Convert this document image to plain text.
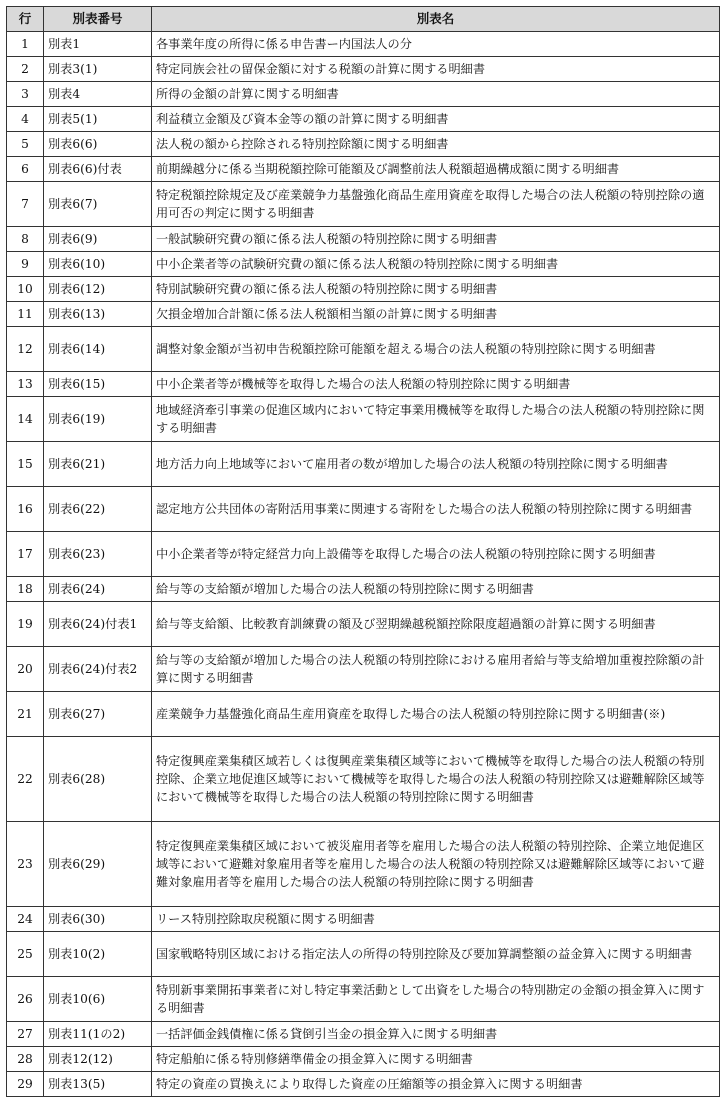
行	別表番号	別表名
1	別表1	各事業年度の所得に係る申告書ー内国法人の分
2	別表3(1)	特定同族会社の留保金額に対する税額の計算に関する明細書
3	別表4	所得の金額の計算に関する明細書
4	別表5(1)	利益積立金額及び資本金等の額の計算に関する明細書
5	別表6(6)	法人税の額から控除される特別控除額に関する明細書
6	別表6(6)付表	前期繰越分に係る当期税額控除可能額及び調整前法人税額超過構成額に関する明細書
7	別表6(7)	特定税額控除規定及び産業競争力基盤強化商品生産用資産を取得した場合の法人税額の特別控除の適用可否の判定に関する明細書
8	別表6(9)	一般試験研究費の額に係る法人税額の特別控除に関する明細書
9	別表6(10)	中小企業者等の試験研究費の額に係る法人税額の特別控除に関する明細書
10	別表6(12)	特別試験研究費の額に係る法人税額の特別控除に関する明細書
11	別表6(13)	欠損金増加合計額に係る法人税額相当額の計算に関する明細書
12	別表6(14)	調整対象金額が当初申告税額控除可能額を超える場合の法人税額の特別控除に関する明細書
13	別表6(15)	中小企業者等が機械等を取得した場合の法人税額の特別控除に関する明細書
14	別表6(19)	地域経済牽引事業の促進区域内において特定事業用機械等を取得した場合の法人税額の特別控除に関する明細書
15	別表6(21)	地方活力向上地域等において雇用者の数が増加した場合の法人税額の特別控除に関する明細書
16	別表6(22)	認定地方公共団体の寄附活用事業に関連する寄附をした場合の法人税額の特別控除に関する明細書
17	別表6(23)	中小企業者等が特定経営力向上設備等を取得した場合の法人税額の特別控除に関する明細書
18	別表6(24)	給与等の支給額が増加した場合の法人税額の特別控除に関する明細書
19	別表6(24)付表1	給与等支給額、比較教育訓練費の額及び翌期繰越税額控除限度超過額の計算に関する明細書
20	別表6(24)付表2	給与等の支給額が増加した場合の法人税額の特別控除における雇用者給与等支給増加重複控除額の計算に関する明細書
21	別表6(27)	産業競争力基盤強化商品生産用資産を取得した場合の法人税額の特別控除に関する明細書(※)
22	別表6(28)	特定復興産業集積区域若しくは復興産業集積区域等において機械等を取得した場合の法人税額の特別控除、企業立地促進区域等において機械等を取得した場合の法人税額の特別控除又は避難解除区域等において機械等を取得した場合の法人税額の特別控除に関する明細書
23	別表6(29)	特定復興産業集積区域において被災雇用者等を雇用した場合の法人税額の特別控除、企業立地促進区域等において避難対象雇用者等を雇用した場合の法人税額の特別控除又は避難解除区域等において避難対象雇用者等を雇用した場合の法人税額の特別控除に関する明細書
24	別表6(30)	リース特別控除取戻税額に関する明細書
25	別表10(2)	国家戦略特別区域における指定法人の所得の特別控除及び要加算調整額の益金算入に関する明細書
26	別表10(6)	特別新事業開拓事業者に対し特定事業活動として出資をした場合の特別勘定の金額の損金算入に関する明細書
27	別表11(1の2)	一括評価金銭債権に係る貸倒引当金の損金算入に関する明細書
28	別表12(12)	特定船舶に係る特別修繕準備金の損金算入に関する明細書
29	別表13(5)	特定の資産の買換えにより取得した資産の圧縮額等の損金算入に関する明細書
